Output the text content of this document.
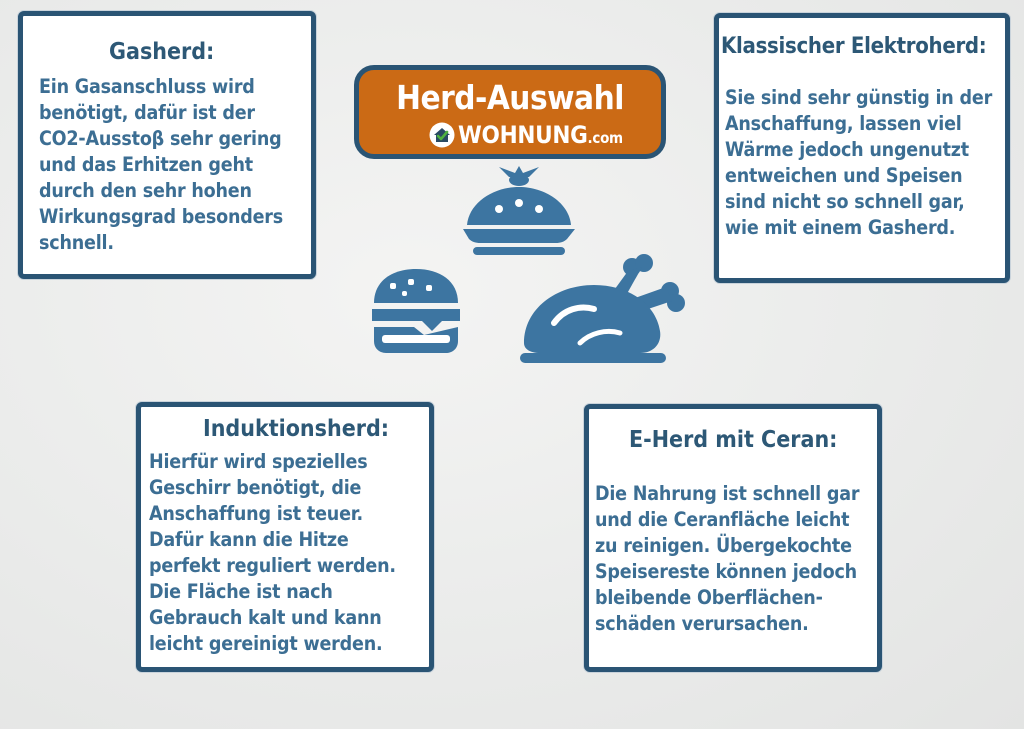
Gasherd:

Ein Gasanschluss wird
benötigt, dafür ist der
CO2-Ausstoβ sehr gering
und das Erhitzen geht
durch den sehr hohen
Wirkungsgrad besonders
schnell.

Klassischer Elektroherd:

Sie sind sehr günstig in der
Anschaffung, lassen viel
Wärme jedoch ungenutzt
entweichen und Speisen
sind nicht so schnell gar,
wie mit einem Gasherd.

Induktionsherd:

Hierfür wird spezielles
Geschirr benötigt, die
Anschaffung ist teuer.
Dafür kann die Hitze
perfekt reguliert werden.
Die Fläche ist nach
Gebrauch kalt und kann
leicht gereinigt werden.

E-Herd mit Ceran:

Die Nahrung ist schnell gar
und die Ceranfläche leicht
zu reinigen. Übergekochte
Speisereste können jedoch
bleibende Oberflächen-
schäden verursachen.

Herd-Auswahl
WOHNUNG.com
